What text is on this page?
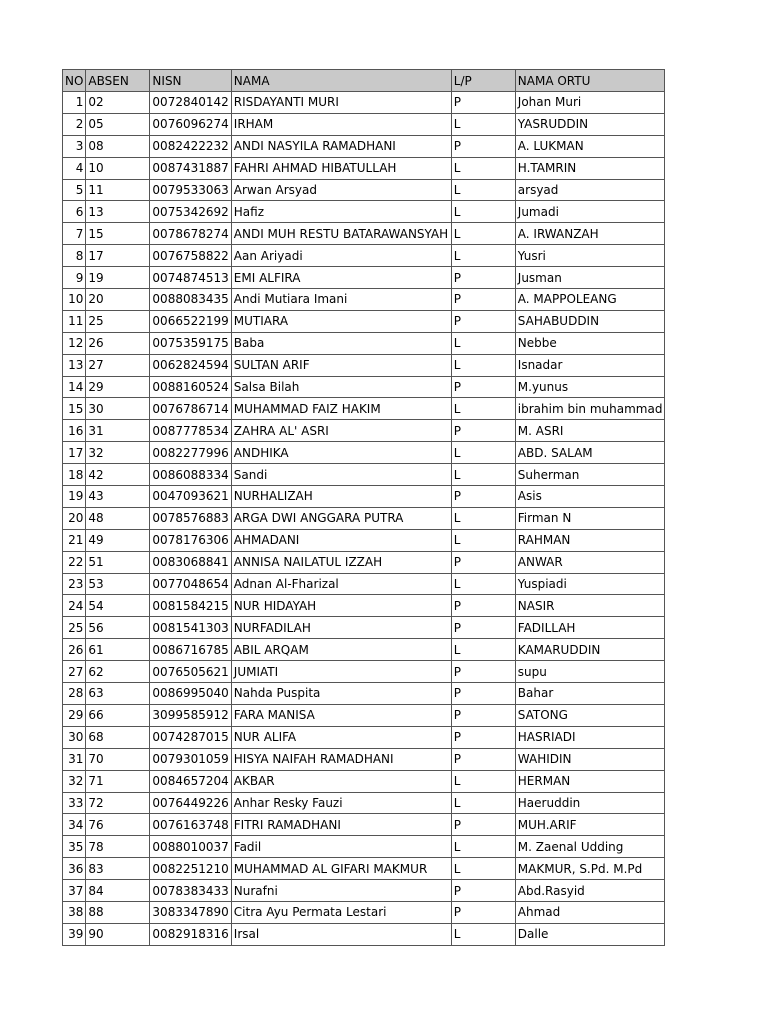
NO	ABSEN	NISN	NAMA	L/P	NAMA ORTU
1	02	0072840142	RISDAYANTI MURI	P	Johan Muri
2	05	0076096274	IRHAM	L	YASRUDDIN
3	08	0082422232	ANDI NASYILA RAMADHANI	P	A. LUKMAN
4	10	0087431887	FAHRI AHMAD HIBATULLAH	L	H.TAMRIN
5	11	0079533063	Arwan Arsyad	L	arsyad
6	13	0075342692	Hafiz	L	Jumadi
7	15	0078678274	ANDI MUH RESTU BATARAWANSYAH	L	A. IRWANZAH
8	17	0076758822	Aan Ariyadi	L	Yusri
9	19	0074874513	EMI ALFIRA	P	Jusman
10	20	0088083435	Andi Mutiara Imani	P	A. MAPPOLEANG
11	25	0066522199	MUTIARA	P	SAHABUDDIN
12	26	0075359175	Baba	L	Nebbe
13	27	0062824594	SULTAN ARIF	L	Isnadar
14	29	0088160524	Salsa Bilah	P	M.yunus
15	30	0076786714	MUHAMMAD FAIZ HAKIM	L	ibrahim bin muhammad
16	31	0087778534	ZAHRA AL' ASRI	P	M. ASRI
17	32	0082277996	ANDHIKA	L	ABD. SALAM
18	42	0086088334	Sandi	L	Suherman
19	43	0047093621	NURHALIZAH	P	Asis
20	48	0078576883	ARGA DWI ANGGARA PUTRA	L	Firman N
21	49	0078176306	AHMADANI	L	RAHMAN
22	51	0083068841	ANNISA NAILATUL IZZAH	P	ANWAR
23	53	0077048654	Adnan Al-Fharizal	L	Yuspiadi
24	54	0081584215	NUR HIDAYAH	P	NASIR
25	56	0081541303	NURFADILAH	P	FADILLAH
26	61	0086716785	ABIL ARQAM	L	KAMARUDDIN
27	62	0076505621	JUMIATI	P	supu
28	63	0086995040	Nahda Puspita	P	Bahar
29	66	3099585912	FARA MANISA	P	SATONG
30	68	0074287015	NUR ALIFA	P	HASRIADI
31	70	0079301059	HISYA NAIFAH RAMADHANI	P	WAHIDIN
32	71	0084657204	AKBAR	L	HERMAN
33	72	0076449226	Anhar Resky Fauzi	L	Haeruddin
34	76	0076163748	FITRI RAMADHANI	P	MUH.ARIF
35	78	0088010037	Fadil	L	M. Zaenal Udding
36	83	0082251210	MUHAMMAD AL GIFARI MAKMUR	L	MAKMUR, S.Pd. M.Pd
37	84	0078383433	Nurafni	P	Abd.Rasyid
38	88	3083347890	Citra Ayu Permata Lestari	P	Ahmad
39	90	0082918316	Irsal	L	Dalle
